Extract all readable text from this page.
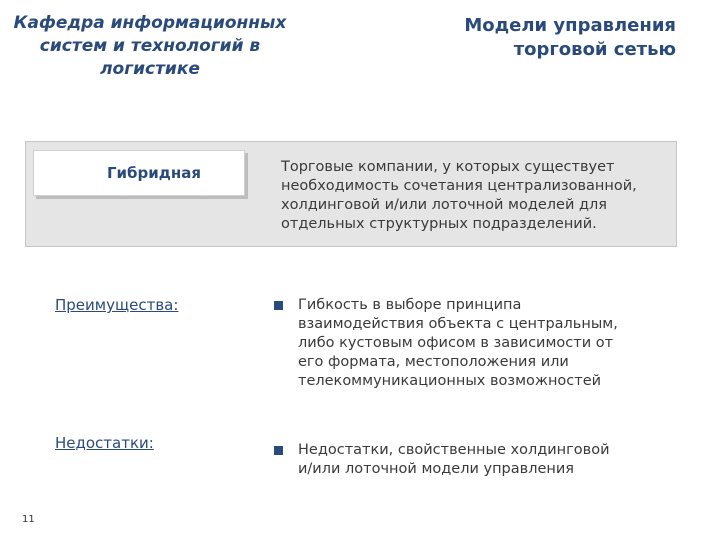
Кафедра информационных
систем и технологий в
логистике
Модели управления
торговой сетью
Гибридная	Торговые компании, у которых существует
необходимость сочетания централизованной,
холдинговой и/или лоточной моделей для
отдельных структурных подразделений.
Преимущества:	Гибкость в выборе принципа
взаимодействия объекта с центральным,
либо кустовым офисом в зависимости от
его формата, местоположения или
телекоммуникационных возможностей
Недостатки:	Недостатки, свойственные холдинговой
и/или лоточной модели управления
11
